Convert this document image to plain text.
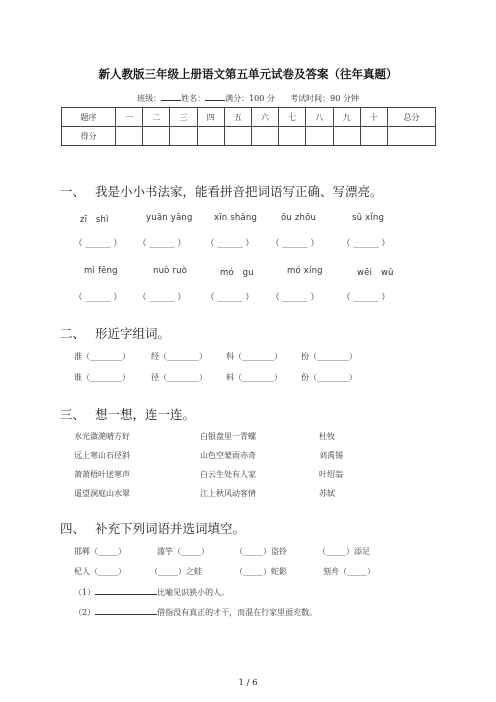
新人教版三年级上册语文第五单元试卷及答案（往年真题）
班级：	姓名：	满分：100 分 考试时间：90 分钟
题序	一	二	三	四	五	六	七	八	九	十	总分
得分											
一、 我是小小书法家，能看拼音把词语写正确、写漂亮。
zī　shì	yuān yāng	xīn shǎng	ōu zhōu	sū xǐng
（ ______ ） （ ______ ） （ ______ ） （ ______ ）	（ ______ ）
mì fēng	nuò ruò	mó　gu	mó xíng	wēi　wǔ
（ ______ ） （ ______ ） （ ______ ） （ ______ ）	（ ______ ）
二、 形近字组词。
准（________）	经（________） 科（________） 扮（________）
谁（________）	径（________） 料（________） 份（________）
三、 想一想，连一连。
水光潋滟晴方好
远上寒山石径斜
萧萧梧叶送寒声
遥望洞庭山水翠
白银盘里一青螺
山色空蒙雨亦奇
白云生处有人家
江上秋风动客情
杜牧
刘禹锡
叶绍翁
苏轼
四、 补充下列词语并选词填空。
邯郸（_____）	滥竽（_____）	（_____）盗铃	（_____）添足
杞人（_____）	（_____）之蛙	（_____）蛇影	刻舟（_____）
（1）	比喻见识狭小的人。
（2）	借指没有真正的才干，而混在行家里面充数。
1 / 6
